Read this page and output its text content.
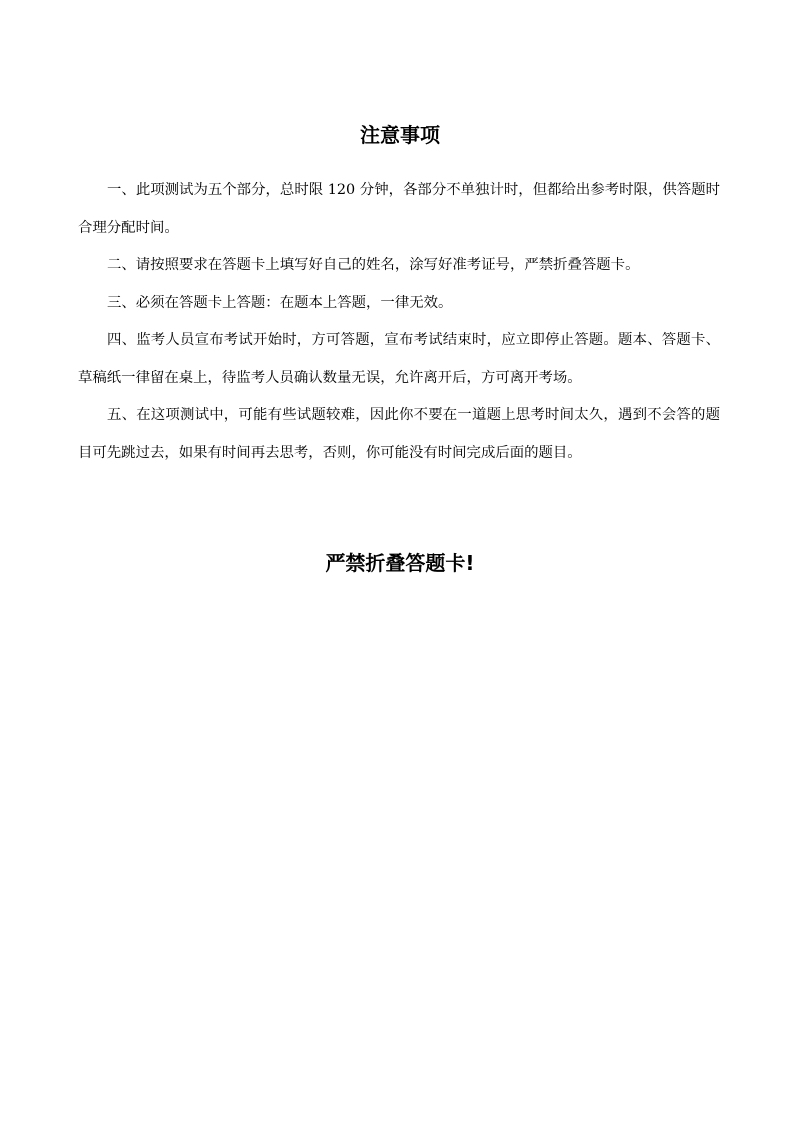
注意事项

一、此项测试为五个部分，总时限 120 分钟，各部分不单独计时，但都给出参考时限，供答题时合理分配时间。

二、请按照要求在答题卡上填写好自己的姓名，涂写好准考证号，严禁折叠答题卡。

三、必须在答题卡上答题：在题本上答题，一律无效。

四、监考人员宣布考试开始时，方可答题，宣布考试结束时，应立即停止答题。题本、答题卡、草稿纸一律留在桌上，待监考人员确认数量无误，允许离开后，方可离开考场。

五、在这项测试中，可能有些试题较难，因此你不要在一道题上思考时间太久，遇到不会答的题目可先跳过去，如果有时间再去思考，否则，你可能没有时间完成后面的题目。

严禁折叠答题卡!
